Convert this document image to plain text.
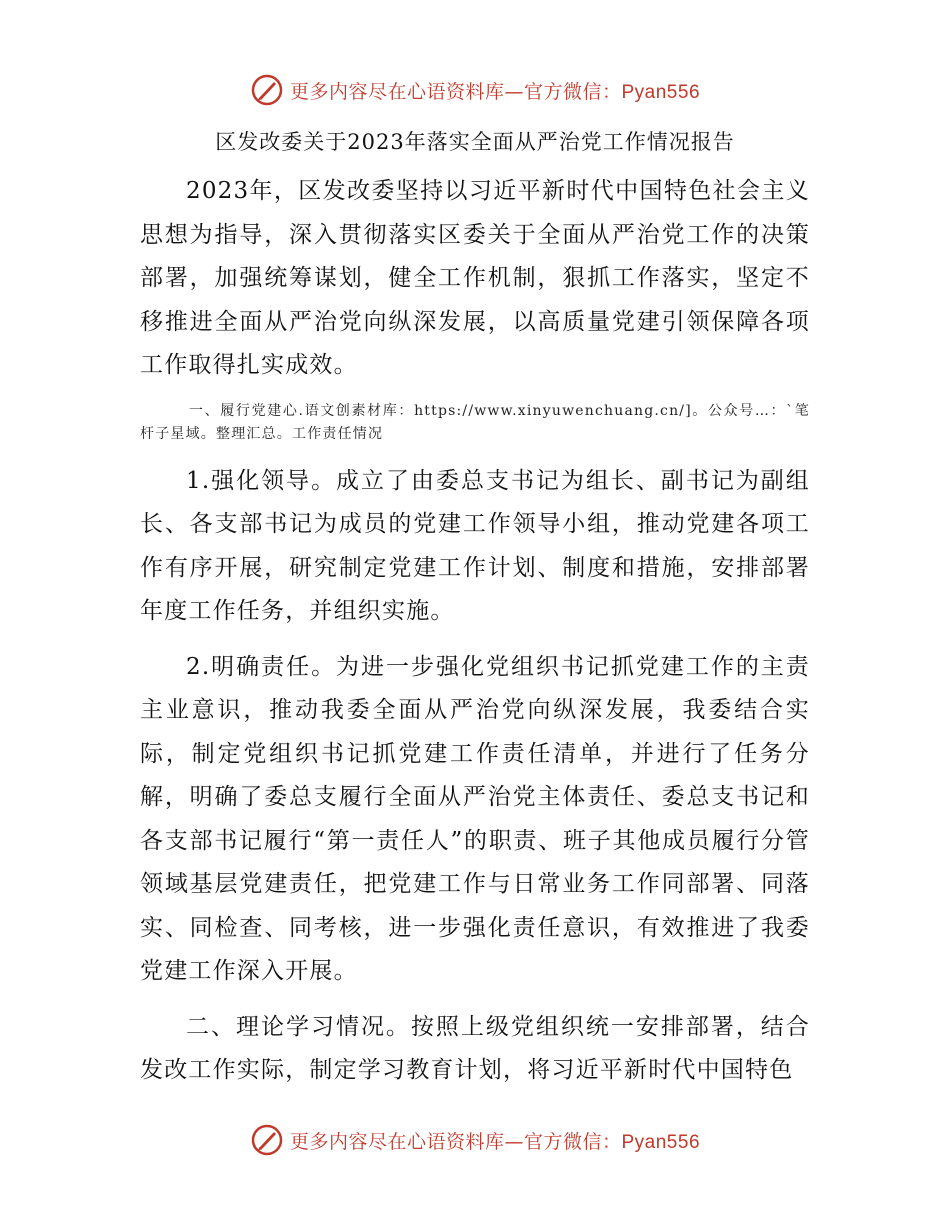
更多内容尽在心语资料库—官方微信：Pyan556
区发改委关于2023年落实全面从严治党工作情况报告

2023年，区发改委坚持以习近平新时代中国特色社会主义思想为指导，深入贯彻落实区委关于全面从严治党工作的决策部署，加强统筹谋划，健全工作机制，狠抓工作落实，坚定不移推进全面从严治党向纵深发展，以高质量党建引领保障各项工作取得扎实成效。

一、履行党建心.语文创素材库：https://www.xinyuwenchuang.cn/]。公众号…：`笔杆子星域。整理汇总。工作责任情况

1.强化领导。成立了由委总支书记为组长、副书记为副组长、各支部书记为成员的党建工作领导小组，推动党建各项工作有序开展，研究制定党建工作计划、制度和措施，安排部署年度工作任务，并组织实施。

2.明确责任。为进一步强化党组织书记抓党建工作的主责主业意识，推动我委全面从严治党向纵深发展，我委结合实际，制定党组织书记抓党建工作责任清单，并进行了任务分解，明确了委总支履行全面从严治党主体责任、委总支书记和各支部书记履行“第一责任人”的职责、班子其他成员履行分管领域基层党建责任，把党建工作与日常业务工作同部署、同落实、同检查、同考核，进一步强化责任意识，有效推进了我委党建工作深入开展。

二、理论学习情况。按照上级党组织统一安排部署，结合发改工作实际，制定学习教育计划，将习近平新时代中国特色

更多内容尽在心语资料库—官方微信：Pyan556
